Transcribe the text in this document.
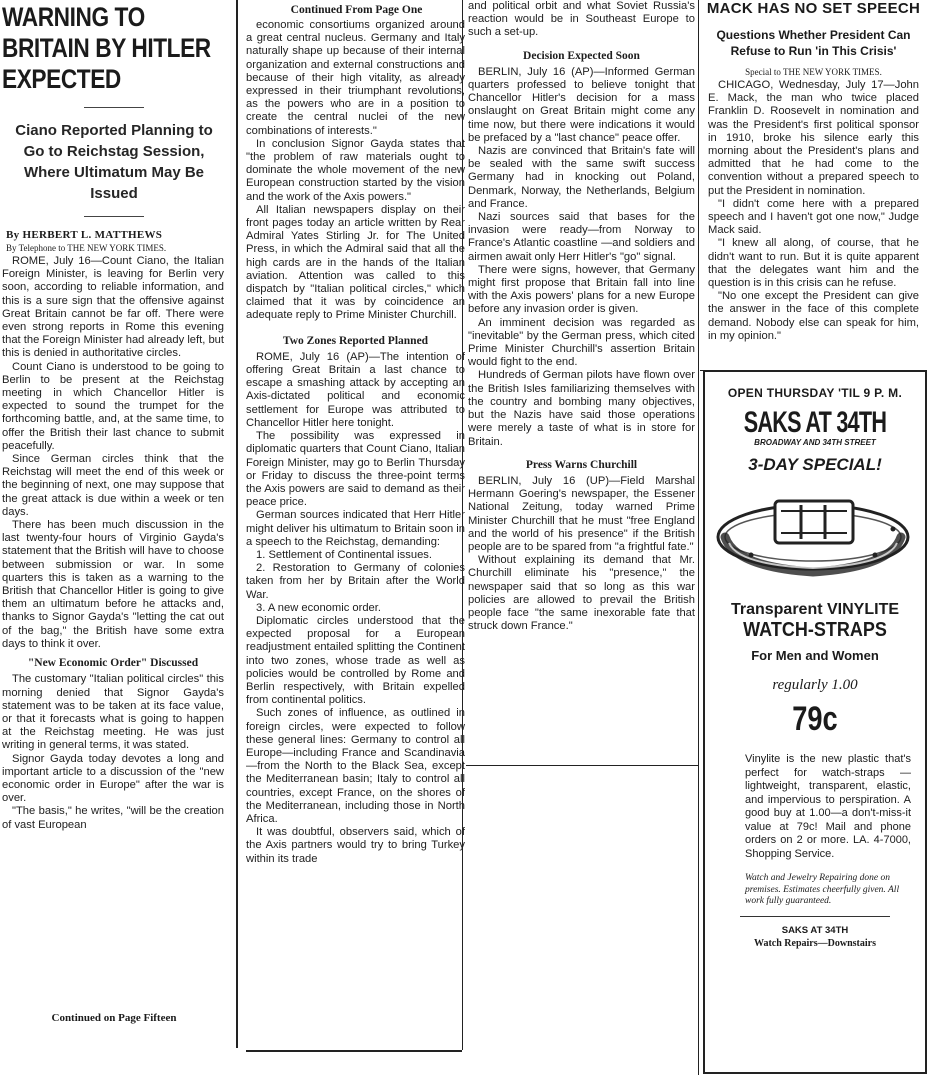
WARNING TO BRITAIN BY HITLER EXPECTED
Ciano Reported Planning to Go to Reichstag Session, Where Ultimatum May Be Issued
By HERBERT L. MATTHEWS
By Telephone to THE NEW YORK TIMES.

ROME, July 16—Count Ciano, the Italian Foreign Minister, is leaving for Berlin very soon, according to reliable information, and this is a sure sign that the offensive against Great Britain cannot be far off. There were even strong reports in Rome this evening that the Foreign Minister had already left, but this is denied in authoritative circles.

Count Ciano is understood to be going to Berlin to be present at the Reichstag meeting in which Chancellor Hitler is expected to sound the trumpet for the forthcoming battle, and, at the same time, to offer the British their last chance to submit peacefully.

Since German circles think that the Reichstag will meet the end of this week or the beginning of next, one may suppose that the great attack is due within a week or ten days.

There has been much discussion in the last twenty-four hours of Virginio Gayda's statement that the British will have to choose between submission or war. In some quarters this is taken as a warning to the British that Chancellor Hitler is going to give them an ultimatum before he attacks and, thanks to Signor Gayda's "letting the cat out of the bag," the British have some extra days to think it over.

"New Economic Order" Discussed

The customary "Italian political circles" this morning denied that Signor Gayda's statement was to be taken at its face value, or that it forecasts what is going to happen at the Reichstag meeting. He was just writing in general terms, it was stated.

Signor Gayda today devotes a long and important article to a discussion of the "new economic order in Europe" after the war is over.

"The basis," he writes, "will be the creation of vast European

Continued on Page Fifteen
Continued From Page One

economic consortiums organized around a great central nucleus. Germany and Italy naturally shape up because of their internal organization and external constructions and because of their high vitality, as already expressed in their triumphant revolutions, as the powers who are in a position to create the central nuclei of the new combinations of interests."

In conclusion Signor Gayda states that "the problem of raw materials ought to dominate the whole movement of the new European construction started by the vision and the work of the Axis powers."

All Italian newspapers display on their front pages today an article written by Rear Admiral Yates Stirling Jr. for The United Press, in which the Admiral said that all the high cards are in the hands of the Italian aviation. Attention was called to this dispatch by "Italian political circles," which claimed that it was by coincidence an adequate reply to Prime Minister Churchill.

Two Zones Reported Planned

ROME, July 16 (AP)—The intention of offering Great Britain a last chance to escape a smashing attack by accepting an Axis-dictated political and economic settlement for Europe was attributed to Chancellor Hitler here tonight.

The possibility was expressed in diplomatic quarters that Count Ciano, Italian Foreign Minister, may go to Berlin Thursday or Friday to discuss the three-point terms the Axis powers are said to demand as their peace price.

German sources indicated that Herr Hitler might deliver his ultimatum to Britain soon in a speech to the Reichstag, demanding:

1. Settlement of Continental issues.

2. Restoration to Germany of colonies taken from her by Britain after the World War.

3. A new economic order.

Diplomatic circles understood that the expected proposal for a European readjustment entailed splitting the Continent into two zones, whose trade as well as policies would be controlled by Rome and Berlin respectively, with Britain expelled from continental politics.

Such zones of influence, as outlined in foreign circles, were expected to follow these general lines: Germany to control all Europe—including France and Scandinavia—from the North to the Black Sea, except the Mediterranean basin; Italy to control all countries, except France, on the shores of the Mediterranean, including those in North Africa.

It was doubtful, observers said, which of the Axis partners would try to bring Turkey within its trade

and political orbit and what Soviet Russia's reaction would be in Southeast Europe to such a set-up.

Decision Expected Soon

BERLIN, July 16 (AP)—Informed German quarters professed to believe tonight that Chancellor Hitler's decision for a mass onslaught on Great Britain might come any time now, but there were indications it would be prefaced by a "last chance" peace offer.

Nazis are convinced that Britain's fate will be sealed with the same swift success Germany had in knocking out Poland, Denmark, Norway, the Netherlands, Belgium and France.

Nazi sources said that bases for the invasion were ready—from Norway to France's Atlantic coastline —and soldiers and airmen await only Herr Hitler's "go" signal.

There were signs, however, that Germany might first propose that Britain fall into line with the Axis powers' plans for a new Europe before any invasion order is given.

An imminent decision was regarded as "inevitable" by the German press, which cited Prime Minister Churchill's assertion Britain would fight to the end.

Hundreds of German pilots have flown over the British Isles familiarizing themselves with the country and bombing many objectives, but the Nazis have said those operations were merely a taste of what is in store for Britain.

Press Warns Churchill

BERLIN, July 16 (UP)—Field Marshal Hermann Goering's newspaper, the Essener National Zeitung, today warned Prime Minister Churchill that he must "free England and the world of his presence" if the British people are to be spared from "a frightful fate."

Without explaining its demand that Mr. Churchill eliminate his "presence," the newspaper said that so long as this war policies are allowed to prevail the British people face "the same inexorable fate that struck down France."

MACK HAS NO SET SPEECH
Questions Whether President Can Refuse to Run 'in This Crisis'
Special to THE NEW YORK TIMES.

CHICAGO, Wednesday, July 17—John E. Mack, the man who twice placed Franklin D. Roosevelt in nomination and was the President's first political sponsor in 1910, broke his silence early this morning about the President's plans and admitted that he had come to the convention without a prepared speech to put the President in nomination.

"I didn't come here with a prepared speech and I haven't got one now," Judge Mack said.

"I knew all along, of course, that he didn't want to run. But it is quite apparent that the delegates want him and the question is in this crisis can he refuse.

"No one except the President can give the answer in the face of this complete demand. Nobody else can speak for him, in my opinion."

OPEN THURSDAY 'TIL 9 P. M.
SAKS AT 34TH
BROADWAY AND 34TH STREET
3-DAY SPECIAL!
Transparent VINYLITE
WATCH-STRAPS
For Men and Women
regularly 1.00
79c
Vinylite is the new plastic that's perfect for watch-straps — lightweight, transparent, elastic, and impervious to perspiration. A good buy at 1.00—a don't-miss-it value at 79c! Mail and phone orders on 2 or more. LA. 4-7000, Shopping Service.
Watch and Jewelry Repairing done on premises. Estimates cheerfully given. All work fully guaranteed.
SAKS AT 34TH
Watch Repairs—Downstairs
